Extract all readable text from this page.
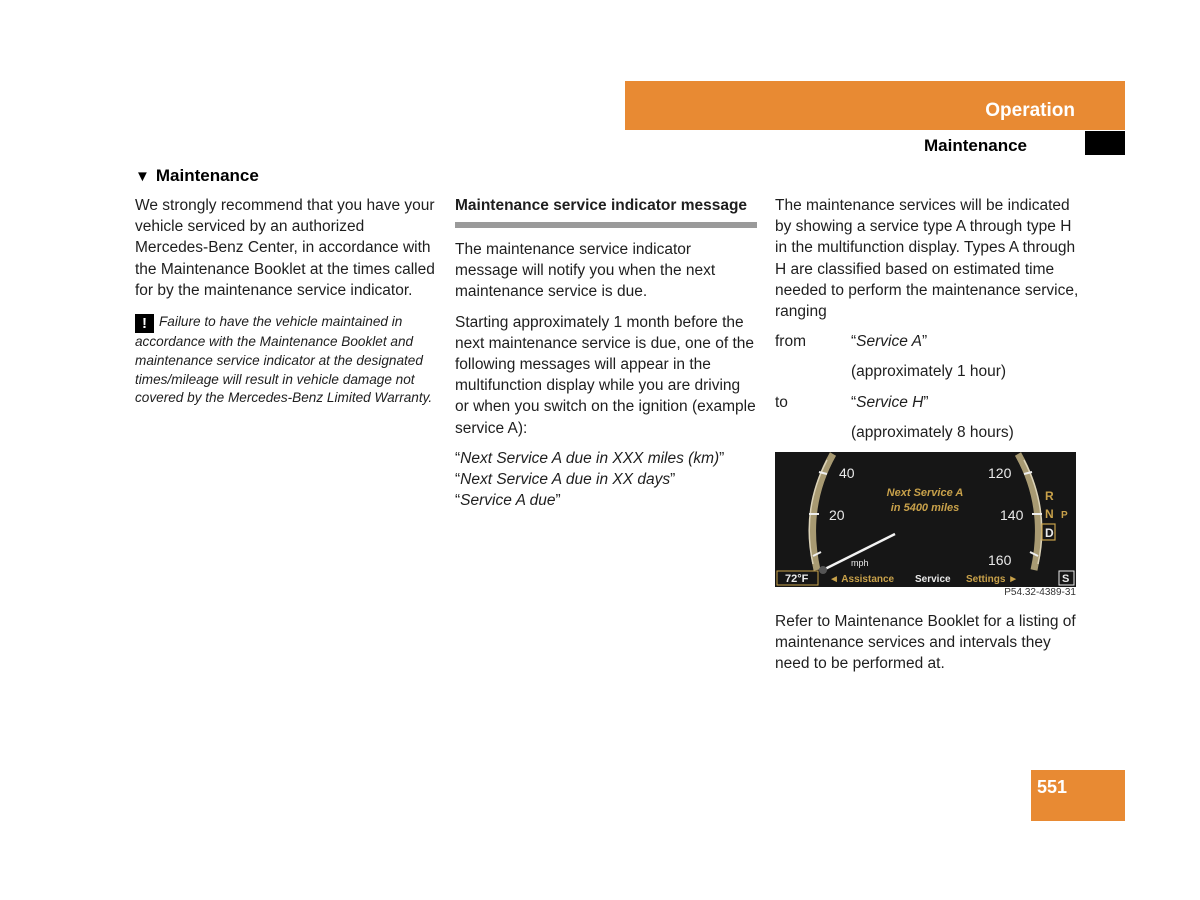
Operation
Maintenance
▼ Maintenance

We strongly recommend that you have your vehicle serviced by an authorized Mercedes-Benz Center, in accordance with the Maintenance Booklet at the times called for by the maintenance service indicator.

! Failure to have the vehicle maintained in accordance with the Maintenance Booklet and maintenance service indicator at the designated times/mileage will result in vehicle damage not covered by the Mercedes-Benz Limited Warranty.
Maintenance service indicator message

The maintenance service indicator message will notify you when the next maintenance service is due.

Starting approximately 1 month before the next maintenance service is due, one of the following messages will appear in the multifunction display while you are driving or when you switch on the ignition (example service A):

“Next Service A due in XXX miles (km)”
“Next Service A due in XX days”
“Service A due”

The maintenance services will be indicated by showing a service type A through type H in the multifunction display. Types A through H are classified based on estimated time needed to perform the maintenance service, ranging

from	“Service A”
(approximately 1 hour)
to	“Service H”
(approximately 8 hours)
40
20
120
140
160
mph
Next Service A
in 5400 miles
R
N P
D
72°F ◄ Assistance Service Settings ►	S
P54.32-4389-31

Refer to Maintenance Booklet for a listing of maintenance services and intervals they need to be performed at.

551
